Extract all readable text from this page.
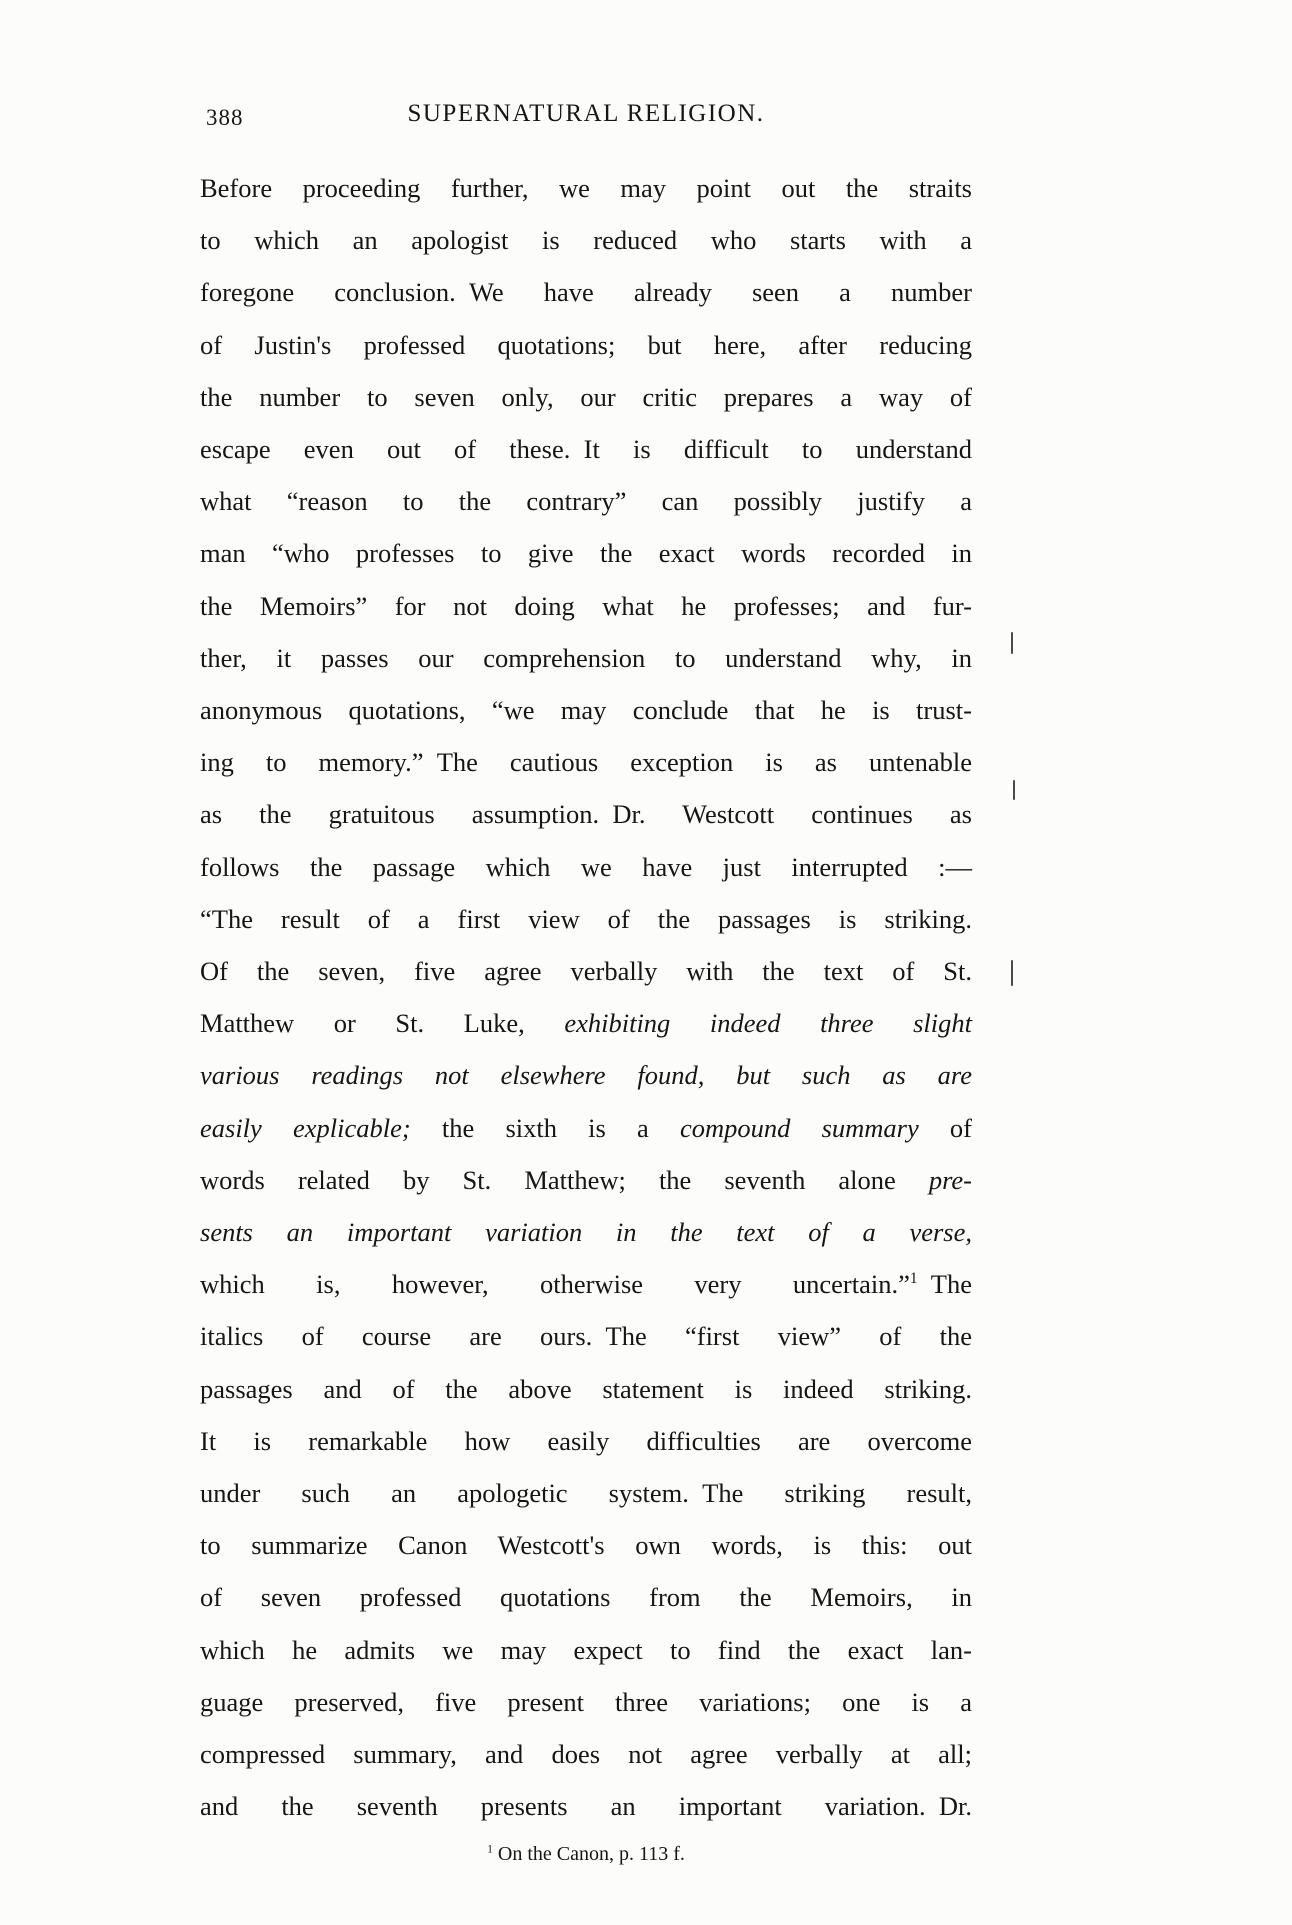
388	SUPERNATURAL RELIGION.
Before proceeding further, we may point out the straits
to which an apologist is reduced who starts with a
foregone conclusion. We have already seen a number
of Justin's professed quotations; but here, after reducing
the number to seven only, our critic prepares a way of
escape even out of these. It is difficult to understand
what “reason to the contrary” can possibly justify a
man “who professes to give the exact words recorded in
the Memoirs” for not doing what he professes; and fur-
ther, it passes our comprehension to understand why, in
anonymous quotations, “we may conclude that he is trust-
ing to memory.” The cautious exception is as untenable
as the gratuitous assumption. Dr. Westcott continues as
follows the passage which we have just interrupted :—
“The result of a first view of the passages is striking.
Of the seven, five agree verbally with the text of St.
Matthew or St. Luke, exhibiting indeed three slight
various readings not elsewhere found, but such as are
easily explicable; the sixth is a compound summary of
words related by St. Matthew; the seventh alone pre-
sents an important variation in the text of a verse,
which is, however, otherwise very uncertain.”$^1$ The
italics of course are ours. The “first view” of the
passages and of the above statement is indeed striking.
It is remarkable how easily difficulties are overcome
under such an apologetic system. The striking result,
to summarize Canon Westcott's own words, is this: out
of seven professed quotations from the Memoirs, in
which he admits we may expect to find the exact lan-
guage preserved, five present three variations; one is a
compressed summary, and does not agree verbally at all;
and the seventh presents an important variation. Dr.
$^1$ On the Canon, p. 113 f.
